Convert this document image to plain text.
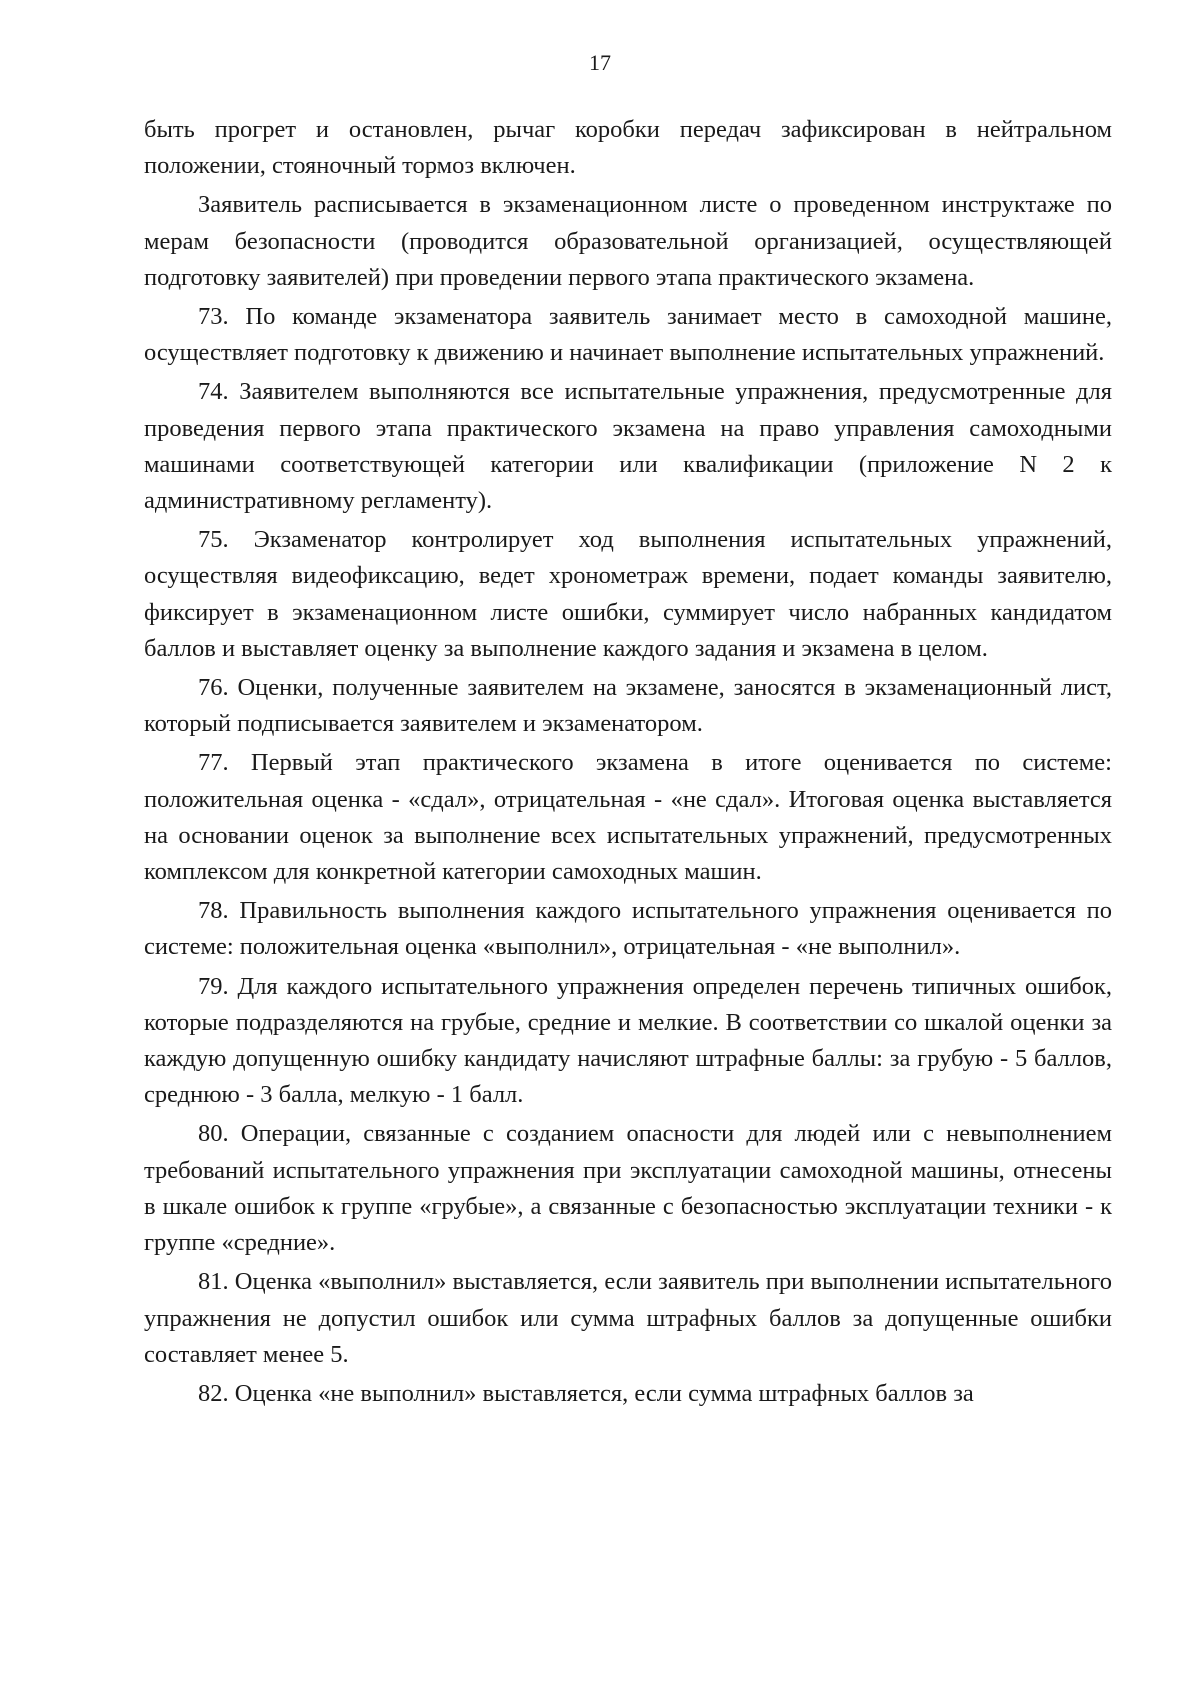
17

быть прогрет и остановлен, рычаг коробки передач зафиксирован в нейтральном положении, стояночный тормоз включен.

Заявитель расписывается в экзаменационном листе о проведенном инструктаже по мерам безопасности (проводится образовательной организацией, осуществляющей подготовку заявителей) при проведении первого этапа практического экзамена.

73. По команде экзаменатора заявитель занимает место в самоходной машине, осуществляет подготовку к движению и начинает выполнение испытательных упражнений.

74. Заявителем выполняются все испытательные упражнения, предусмотренные для проведения первого этапа практического экзамена на право управления самоходными машинами соответствующей категории или квалификации (приложение N 2 к административному регламенту).

75. Экзаменатор контролирует ход выполнения испытательных упражнений, осуществляя видеофиксацию, ведет хронометраж времени, подает команды заявителю, фиксирует в экзаменационном листе ошибки, суммирует число набранных кандидатом баллов и выставляет оценку за выполнение каждого задания и экзамена в целом.

76. Оценки, полученные заявителем на экзамене, заносятся в экзаменационный лист, который подписывается заявителем и экзаменатором.

77. Первый этап практического экзамена в итоге оценивается по системе: положительная оценка - «сдал», отрицательная - «не сдал». Итоговая оценка выставляется на основании оценок за выполнение всех испытательных упражнений, предусмотренных комплексом для конкретной категории самоходных машин.

78. Правильность выполнения каждого испытательного упражнения оценивается по системе: положительная оценка «выполнил», отрицательная - «не выполнил».

79. Для каждого испытательного упражнения определен перечень типичных ошибок, которые подразделяются на грубые, средние и мелкие. В соответствии со шкалой оценки за каждую допущенную ошибку кандидату начисляют штрафные баллы: за грубую - 5 баллов, среднюю - 3 балла, мелкую - 1 балл.

80. Операции, связанные с созданием опасности для людей или с невыполнением требований испытательного упражнения при эксплуатации самоходной машины, отнесены в шкале ошибок к группе «грубые», а связанные с безопасностью эксплуатации техники - к группе «средние».

81. Оценка «выполнил» выставляется, если заявитель при выполнении испытательного упражнения не допустил ошибок или сумма штрафных баллов за допущенные ошибки составляет менее 5.

82. Оценка «не выполнил» выставляется, если сумма штрафных баллов за
